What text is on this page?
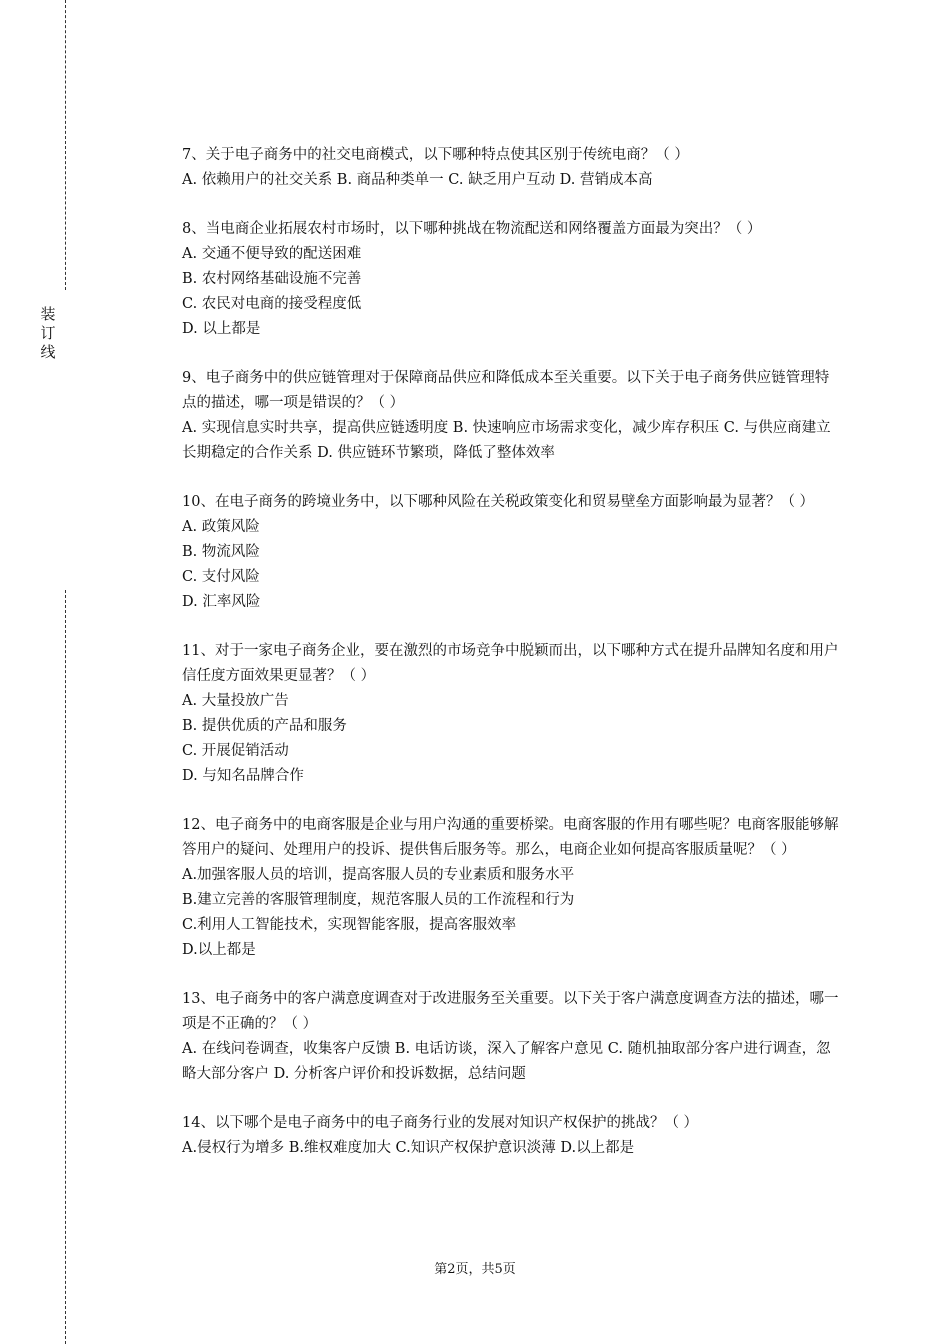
装
订
线

7、关于电子商务中的社交电商模式，以下哪种特点使其区别于传统电商？（ ）

A. 依赖用户的社交关系 B. 商品种类单一 C. 缺乏用户互动 D. 营销成本高

8、当电商企业拓展农村市场时，以下哪种挑战在物流配送和网络覆盖方面最为突出？（ ）

A. 交通不便导致的配送困难

B. 农村网络基础设施不完善

C. 农民对电商的接受程度低

D. 以上都是

9、电子商务中的供应链管理对于保障商品供应和降低成本至关重要。以下关于电子商务供应链管理特点的描述，哪一项是错误的？（ ）

A. 实现信息实时共享，提高供应链透明度 B. 快速响应市场需求变化，减少库存积压 C. 与供应商建立长期稳定的合作关系 D. 供应链环节繁琐，降低了整体效率

10、在电子商务的跨境业务中，以下哪种风险在关税政策变化和贸易壁垒方面影响最为显著？（ ）

A. 政策风险

B. 物流风险

C. 支付风险

D. 汇率风险

11、对于一家电子商务企业，要在激烈的市场竞争中脱颖而出，以下哪种方式在提升品牌知名度和用户信任度方面效果更显著？（ ）

A. 大量投放广告

B. 提供优质的产品和服务

C. 开展促销活动

D. 与知名品牌合作

12、电子商务中的电商客服是企业与用户沟通的重要桥梁。电商客服的作用有哪些呢？电商客服能够解答用户的疑问、处理用户的投诉、提供售后服务等。那么，电商企业如何提高客服质量呢？（ ）

A.加强客服人员的培训，提高客服人员的专业素质和服务水平

B.建立完善的客服管理制度，规范客服人员的工作流程和行为

C.利用人工智能技术，实现智能客服，提高客服效率

D.以上都是

13、电子商务中的客户满意度调查对于改进服务至关重要。以下关于客户满意度调查方法的描述，哪一项是不正确的？（ ）

A. 在线问卷调查，收集客户反馈 B. 电话访谈，深入了解客户意见 C. 随机抽取部分客户进行调查，忽略大部分客户 D. 分析客户评价和投诉数据，总结问题

14、以下哪个是电子商务中的电子商务行业的发展对知识产权保护的挑战？（ ）

A.侵权行为增多 B.维权难度加大 C.知识产权保护意识淡薄 D.以上都是

第2页，共5页
